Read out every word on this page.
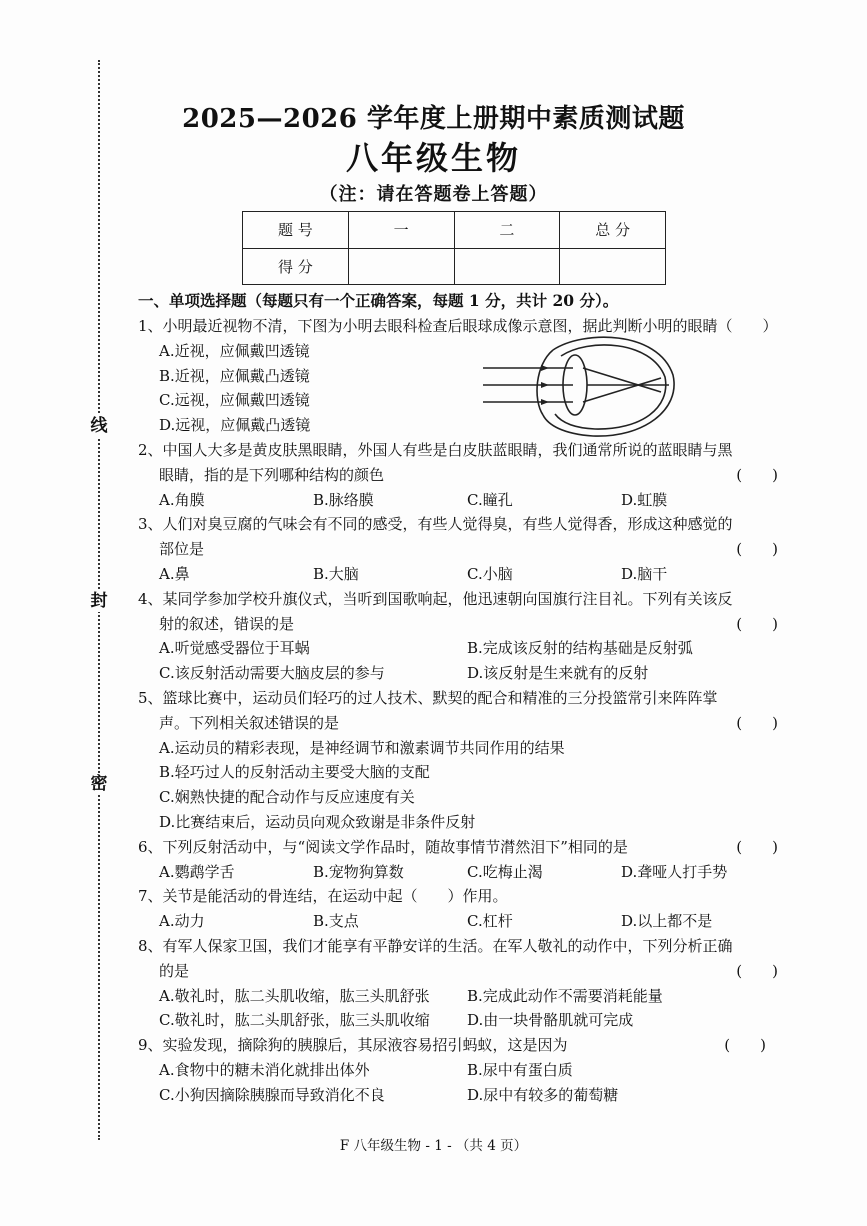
线
封
密
2025—2026 学年度上册期中素质测试题
八年级生物
（注：请在答题卷上答题）
题 号	一	二	总 分
得 分			
一、单项选择题（每题只有一个正确答案，每题 1 分，共计 20 分）。
1、小明最近视物不清，下图为小明去眼科检查后眼球成像示意图，据此判断小明的眼睛（　　）
A.近视，应佩戴凹透镜
B.近视，应佩戴凸透镜
C.远视，应佩戴凹透镜
D.远视，应佩戴凸透镜
2、中国人大多是黄皮肤黑眼睛，外国人有些是白皮肤蓝眼睛，我们通常所说的蓝眼睛与黑
眼睛，指的是下列哪种结构的颜色	(　　)
A.角膜	B.脉络膜	C.瞳孔	D.虹膜
3、人们对臭豆腐的气味会有不同的感受，有些人觉得臭，有些人觉得香，形成这种感觉的
部位是	(　　)
A.鼻	B.大脑	C.小脑	D.脑干
4、某同学参加学校升旗仪式，当听到国歌响起，他迅速朝向国旗行注目礼。下列有关该反
射的叙述，错误的是	(　　)
A.听觉感受器位于耳蜗	B.完成该反射的结构基础是反射弧
C.该反射活动需要大脑皮层的参与	D.该反射是生来就有的反射
5、篮球比赛中，运动员们轻巧的过人技术、默契的配合和精准的三分投篮常引来阵阵掌
声。下列相关叙述错误的是	(　　)
A.运动员的精彩表现，是神经调节和激素调节共同作用的结果
B.轻巧过人的反射活动主要受大脑的支配
C.娴熟快捷的配合动作与反应速度有关
D.比赛结束后，运动员向观众致谢是非条件反射
6、下列反射活动中，与“阅读文学作品时，随故事情节潸然泪下”相同的是	(　　)
A.鹦鹉学舌	B.宠物狗算数	C.吃梅止渴	D.聋哑人打手势
7、关节是能活动的骨连结，在运动中起（　　）作用。
A.动力	B.支点	C.杠杆	D.以上都不是
8、有军人保家卫国，我们才能享有平静安详的生活。在军人敬礼的动作中，下列分析正确
的是	(　　)
A.敬礼时，肱二头肌收缩，肱三头肌舒张 B.完成此动作不需要消耗能量
C.敬礼时，肱二头肌舒张，肱三头肌收缩 D.由一块骨骼肌就可完成
9、实验发现，摘除狗的胰腺后，其尿液容易招引蚂蚁，这是因为	(　　)
A.食物中的糖未消化就排出体外	B.尿中有蛋白质
C.小狗因摘除胰腺而导致消化不良	D.尿中有较多的葡萄糖
F 八年级生物 - 1 - （共 4 页）
